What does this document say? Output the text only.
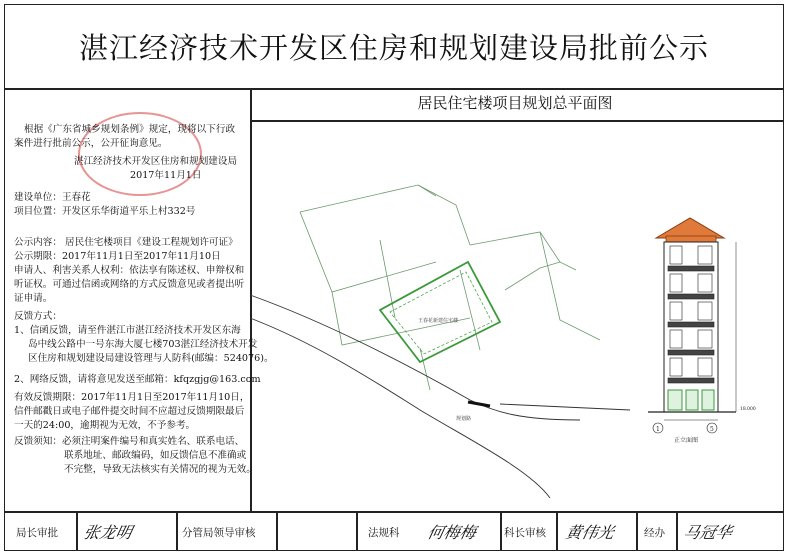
湛江经济技术开发区住房和规划建设局批前公示
居民住宅楼项目规划总平面图
根据《广东省城乡规划条例》规定，现将以下行政
案件进行批前公示，公开征询意见。
湛江经济技术开发区住房和规划建设局
2017年11月1日
建设单位：王春花
项目位置：开发区乐华街道平乐上村332号
公示内容： 居民住宅楼项目《建设工程规划许可证》
公示期限：2017年11月1日至2017年11月10日
申请人、利害关系人权利：依法享有陈述权、申辩权和
听证权。可通过信函或网络的方式反馈意见或者提出听
证申请。
反馈方式：
1、信函反馈，请至件湛江市湛江经济技术开发区东海
岛中线公路中一号东海大厦七楼703湛江经济技术开发
区住房和规划建设局建设管理与人防科(邮编：524076)。
2、网络反馈，请将意见发送至邮箱：kfqzgjg@163.com
有效反馈期限：2017年11月1日至2017年11月10日，
信件邮戳日或电子邮件提交时间不应超过反馈期限最后
一天的24:00，逾期视为无效，不予参考。
反馈须知：必须注明案件编号和真实姓名、联系电话、
联系地址、邮政编码，如反馈信息不准确或
不完整，导致无法核实有关情况的视为无效。
王春花新建住宅楼
规划路
1	5
正立面图
18.000
局长审批 张龙明	分管局领导审核	法规科 何梅梅 科长审核 黄伟光	经办 马冠华
